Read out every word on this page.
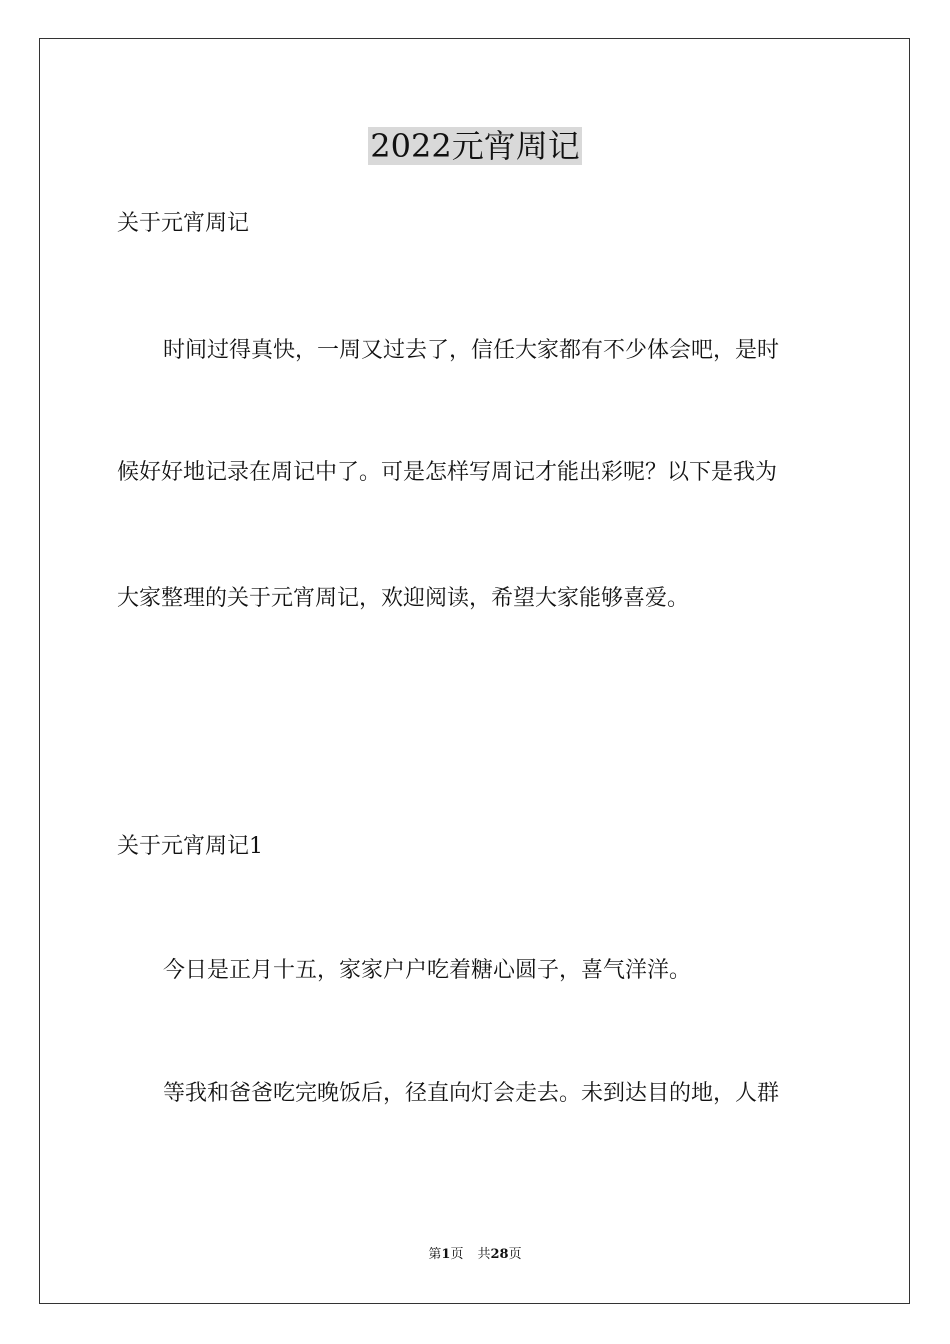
2022元宵周记
关于元宵周记
时间过得真快，一周又过去了，信任大家都有不少体会吧，是时
候好好地记录在周记中了。可是怎样写周记才能出彩呢？以下是我为
大家整理的关于元宵周记，欢迎阅读，希望大家能够喜爱。
关于元宵周记1
今日是正月十五，家家户户吃着糖心圆子，喜气洋洋。
等我和爸爸吃完晚饭后，径直向灯会走去。未到达目的地，人群
第1页 共28页
